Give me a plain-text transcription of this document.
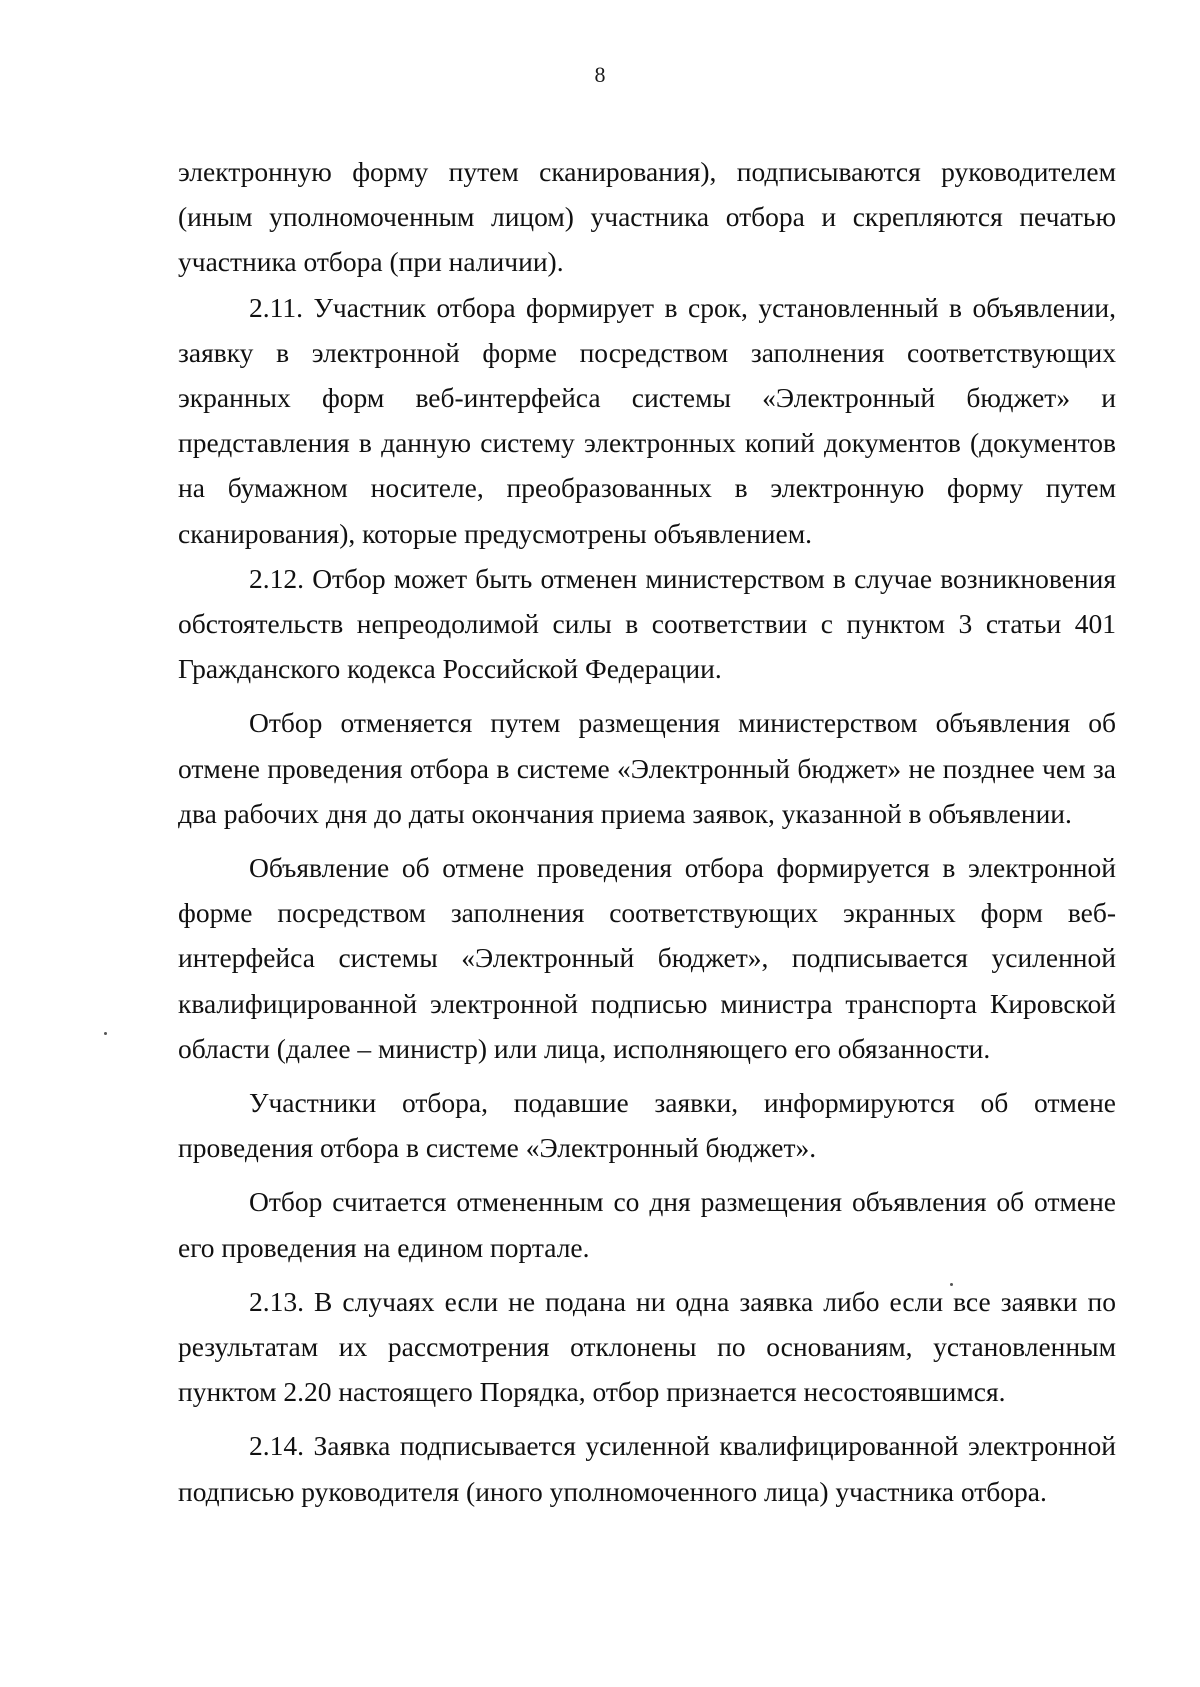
8

электронную форму путем сканирования), подписываются руководителем (иным уполномоченным лицом) участника отбора и скрепляются печатью участника отбора (при наличии).

2.11. Участник отбора формирует в срок, установленный в объявлении, заявку в электронной форме посредством заполнения соответствующих экранных форм веб-интерфейса системы «Электронный бюджет» и представления в данную систему электронных копий документов (документов на бумажном носителе, преобразованных в электронную форму путем сканирования), которые предусмотрены объявлением.

2.12. Отбор может быть отменен министерством в случае возникновения обстоятельств непреодолимой силы в соответствии с пунктом 3 статьи 401 Гражданского кодекса Российской Федерации.

Отбор отменяется путем размещения министерством объявления об отмене проведения отбора в системе «Электронный бюджет» не позднее чем за два рабочих дня до даты окончания приема заявок, указанной в объявлении.

Объявление об отмене проведения отбора формируется в электронной форме посредством заполнения соответствующих экранных форм веб-интерфейса системы «Электронный бюджет», подписывается усиленной квалифицированной электронной подписью министра транспорта Кировской области (далее – министр) или лица, исполняющего его обязанности.

Участники отбора, подавшие заявки, информируются об отмене проведения отбора в системе «Электронный бюджет».

Отбор считается отмененным со дня размещения объявления об отмене его проведения на едином портале.

2.13. В случаях если не подана ни одна заявка либо если все заявки по результатам их рассмотрения отклонены по основаниям, установленным пунктом 2.20 настоящего Порядка, отбор признается несостоявшимся.

2.14. Заявка подписывается усиленной квалифицированной электронной подписью руководителя (иного уполномоченного лица) участника отбора.
